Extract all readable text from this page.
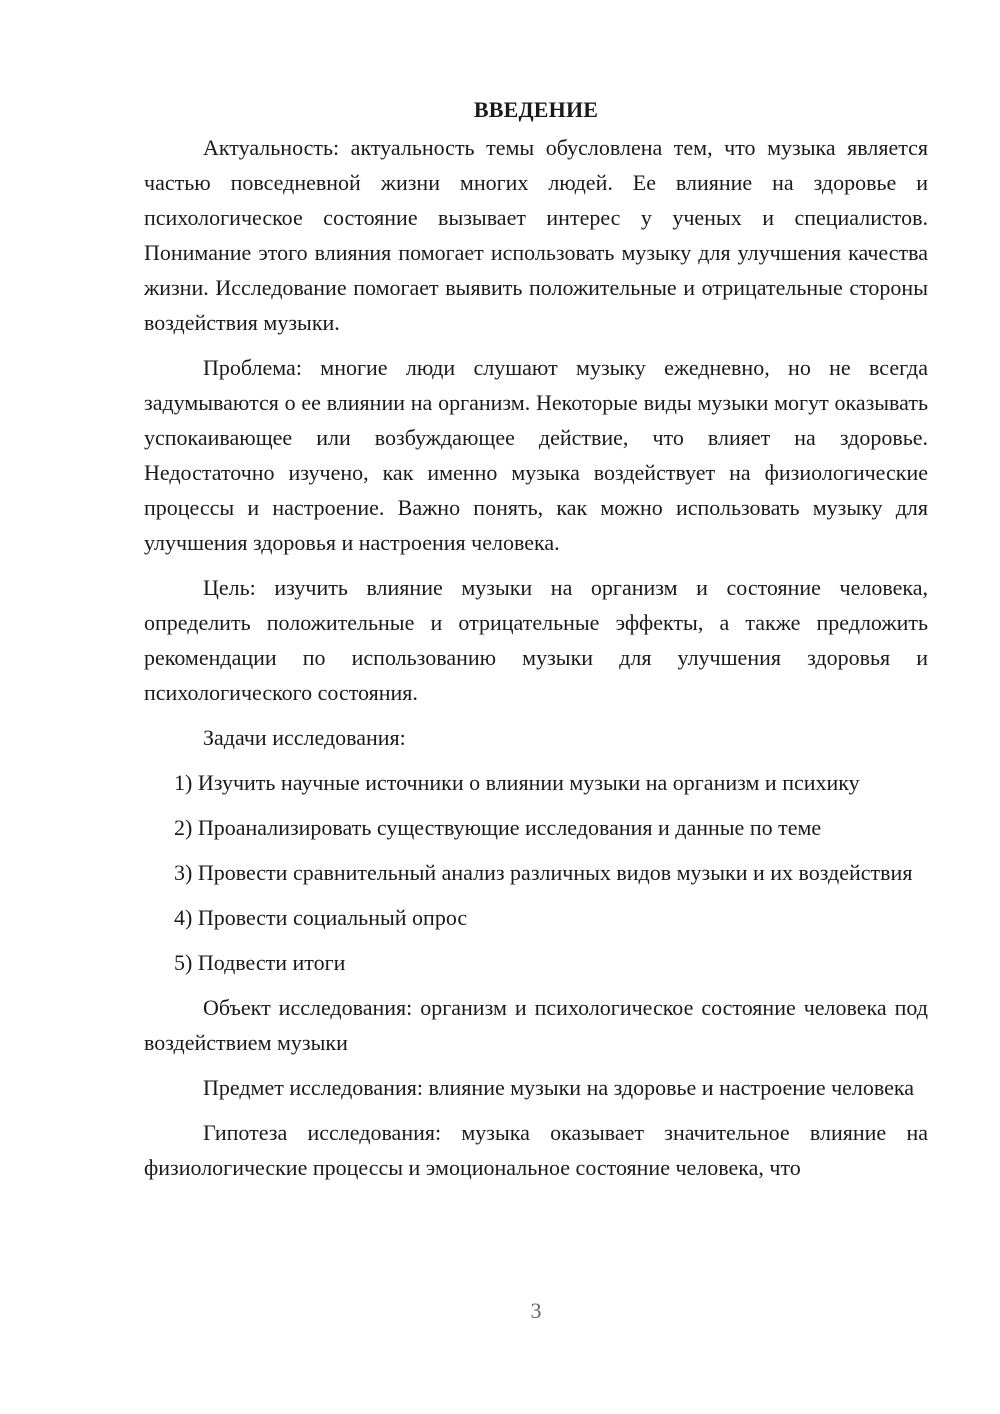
ВВЕДЕНИЕ

Актуальность: актуальность темы обусловлена тем, что музыка является частью повседневной жизни многих людей. Ее влияние на здоровье и психологическое состояние вызывает интерес у ученых и специалистов. Понимание этого влияния помогает использовать музыку для улучшения качества жизни. Исследование помогает выявить положительные и отрицательные стороны воздействия музыки.

Проблема: многие люди слушают музыку ежедневно, но не всегда задумываются о ее влиянии на организм. Некоторые виды музыки могут оказывать успокаивающее или возбуждающее действие, что влияет на здоровье. Недостаточно изучено, как именно музыка воздействует на физиологические процессы и настроение. Важно понять, как можно использовать музыку для улучшения здоровья и настроения человека.

Цель: изучить влияние музыки на организм и состояние человека, определить положительные и отрицательные эффекты, а также предложить рекомендации по использованию музыки для улучшения здоровья и психологического состояния.

Задачи исследования:

1) Изучить научные источники о влиянии музыки на организм и психику

2) Проанализировать существующие исследования и данные по теме

3) Провести сравнительный анализ различных видов музыки и их воздействия

4) Провести социальный опрос

5) Подвести итоги

Объект исследования: организм и психологическое состояние человека под воздействием музыки

Предмет исследования: влияние музыки на здоровье и настроение человека

Гипотеза исследования: музыка оказывает значительное влияние на физиологические процессы и эмоциональное состояние человека, что

3
